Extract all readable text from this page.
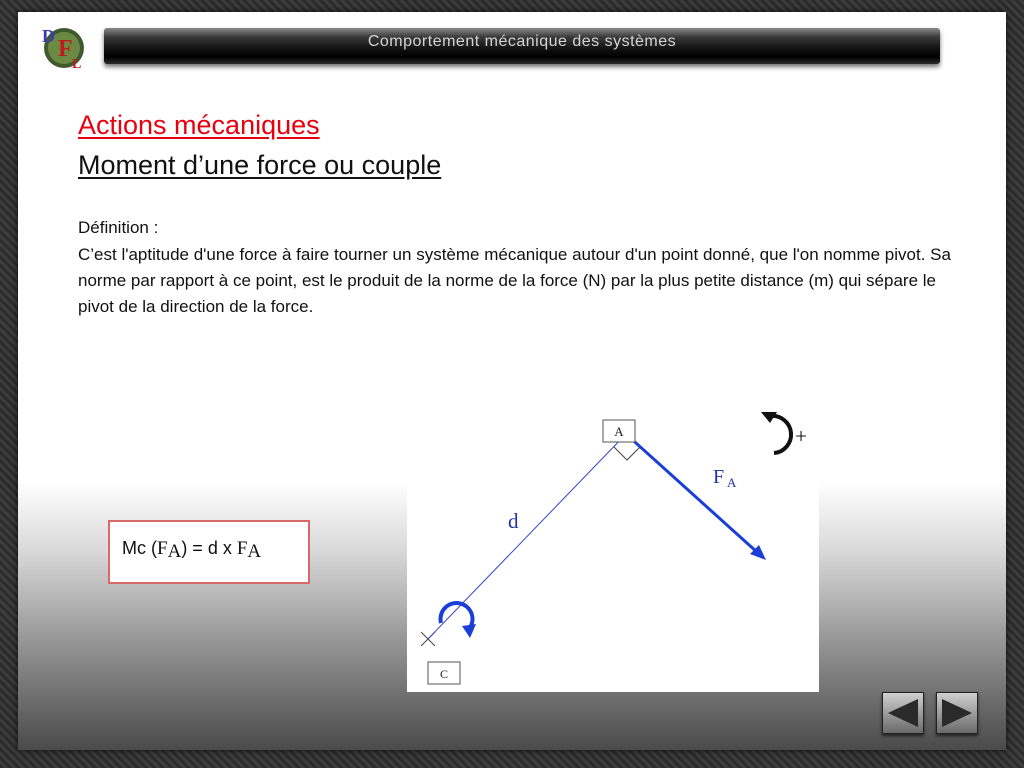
D F
L
Comportement mécanique des systèmes
Actions mécaniques
Moment d’une force ou couple
Définition :
C’est l'aptitude d'une force à faire tourner un système mécanique autour d'un point donné, que l'on nomme pivot. Sa norme par rapport à ce point, est le produit de la norme de la force (N) par la plus petite distance (m) qui sépare le pivot de la direction de la force.
A
C
d
F A
+
Mc $(F_A) = d$ x $F_A$
